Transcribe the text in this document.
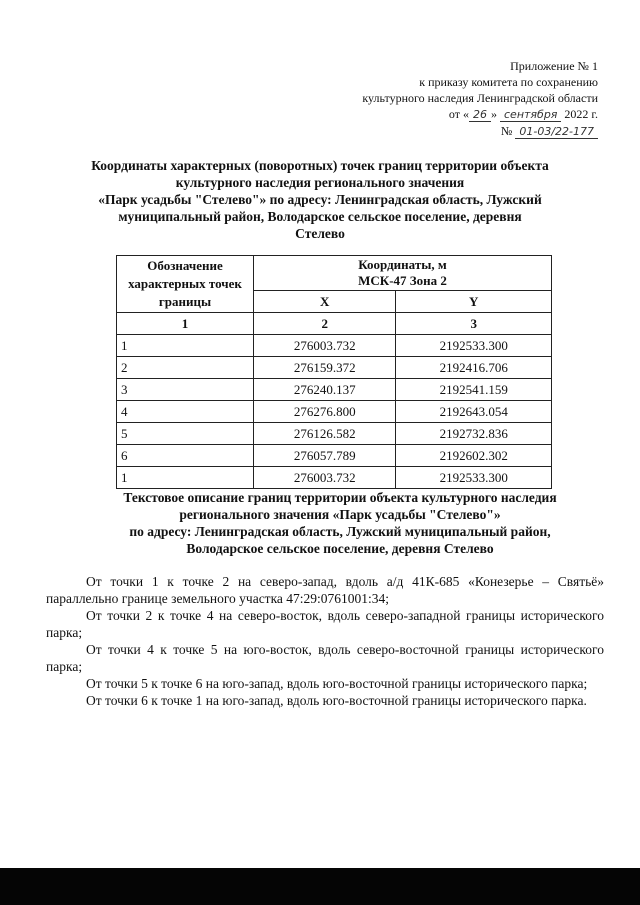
Приложение № 1
к приказу комитета по сохранению
культурного наследия Ленинградской области
от « 26 » сентября 2022 г.
№ 01-03/22-177
Координаты характерных (поворотных) точек границ территории объекта
культурного наследия регионального значения
«Парк усадьбы "Стелево"» по адресу: Ленинградская область, Лужский
муниципальный район, Володарское сельское поселение, деревня
Стелево
Обозначение характерных точек границы	Координаты, м
МСК-47 Зона 2	

	X	Y
1	2	3
1	276003.732	2192533.300
2	276159.372	2192416.706
3	276240.137	2192541.159
4	276276.800	2192643.054
5	276126.582	2192732.836
6	276057.789	2192602.302
1	276003.732	2192533.300
Текстовое описание границ территории объекта культурного наследия
регионального значения «Парк усадьбы "Стелево"»
по адресу: Ленинградская область, Лужский муниципальный район,
Володарское сельское поселение, деревня Стелево

От точки 1 к точке 2 на северо-запад, вдоль а/д 41К-685 «Конезерье – Святьё» параллельно границе земельного участка 47:29:0761001:34;

От точки 2 к точке 4 на северо-восток, вдоль северо-западной границы исторического парка;

От точки 4 к точке 5 на юго-восток, вдоль северо-восточной границы исторического парка;

От точки 5 к точке 6 на юго-запад, вдоль юго-восточной границы исторического парка;

От точки 6 к точке 1 на юго-запад, вдоль юго-восточной границы исторического парка.
